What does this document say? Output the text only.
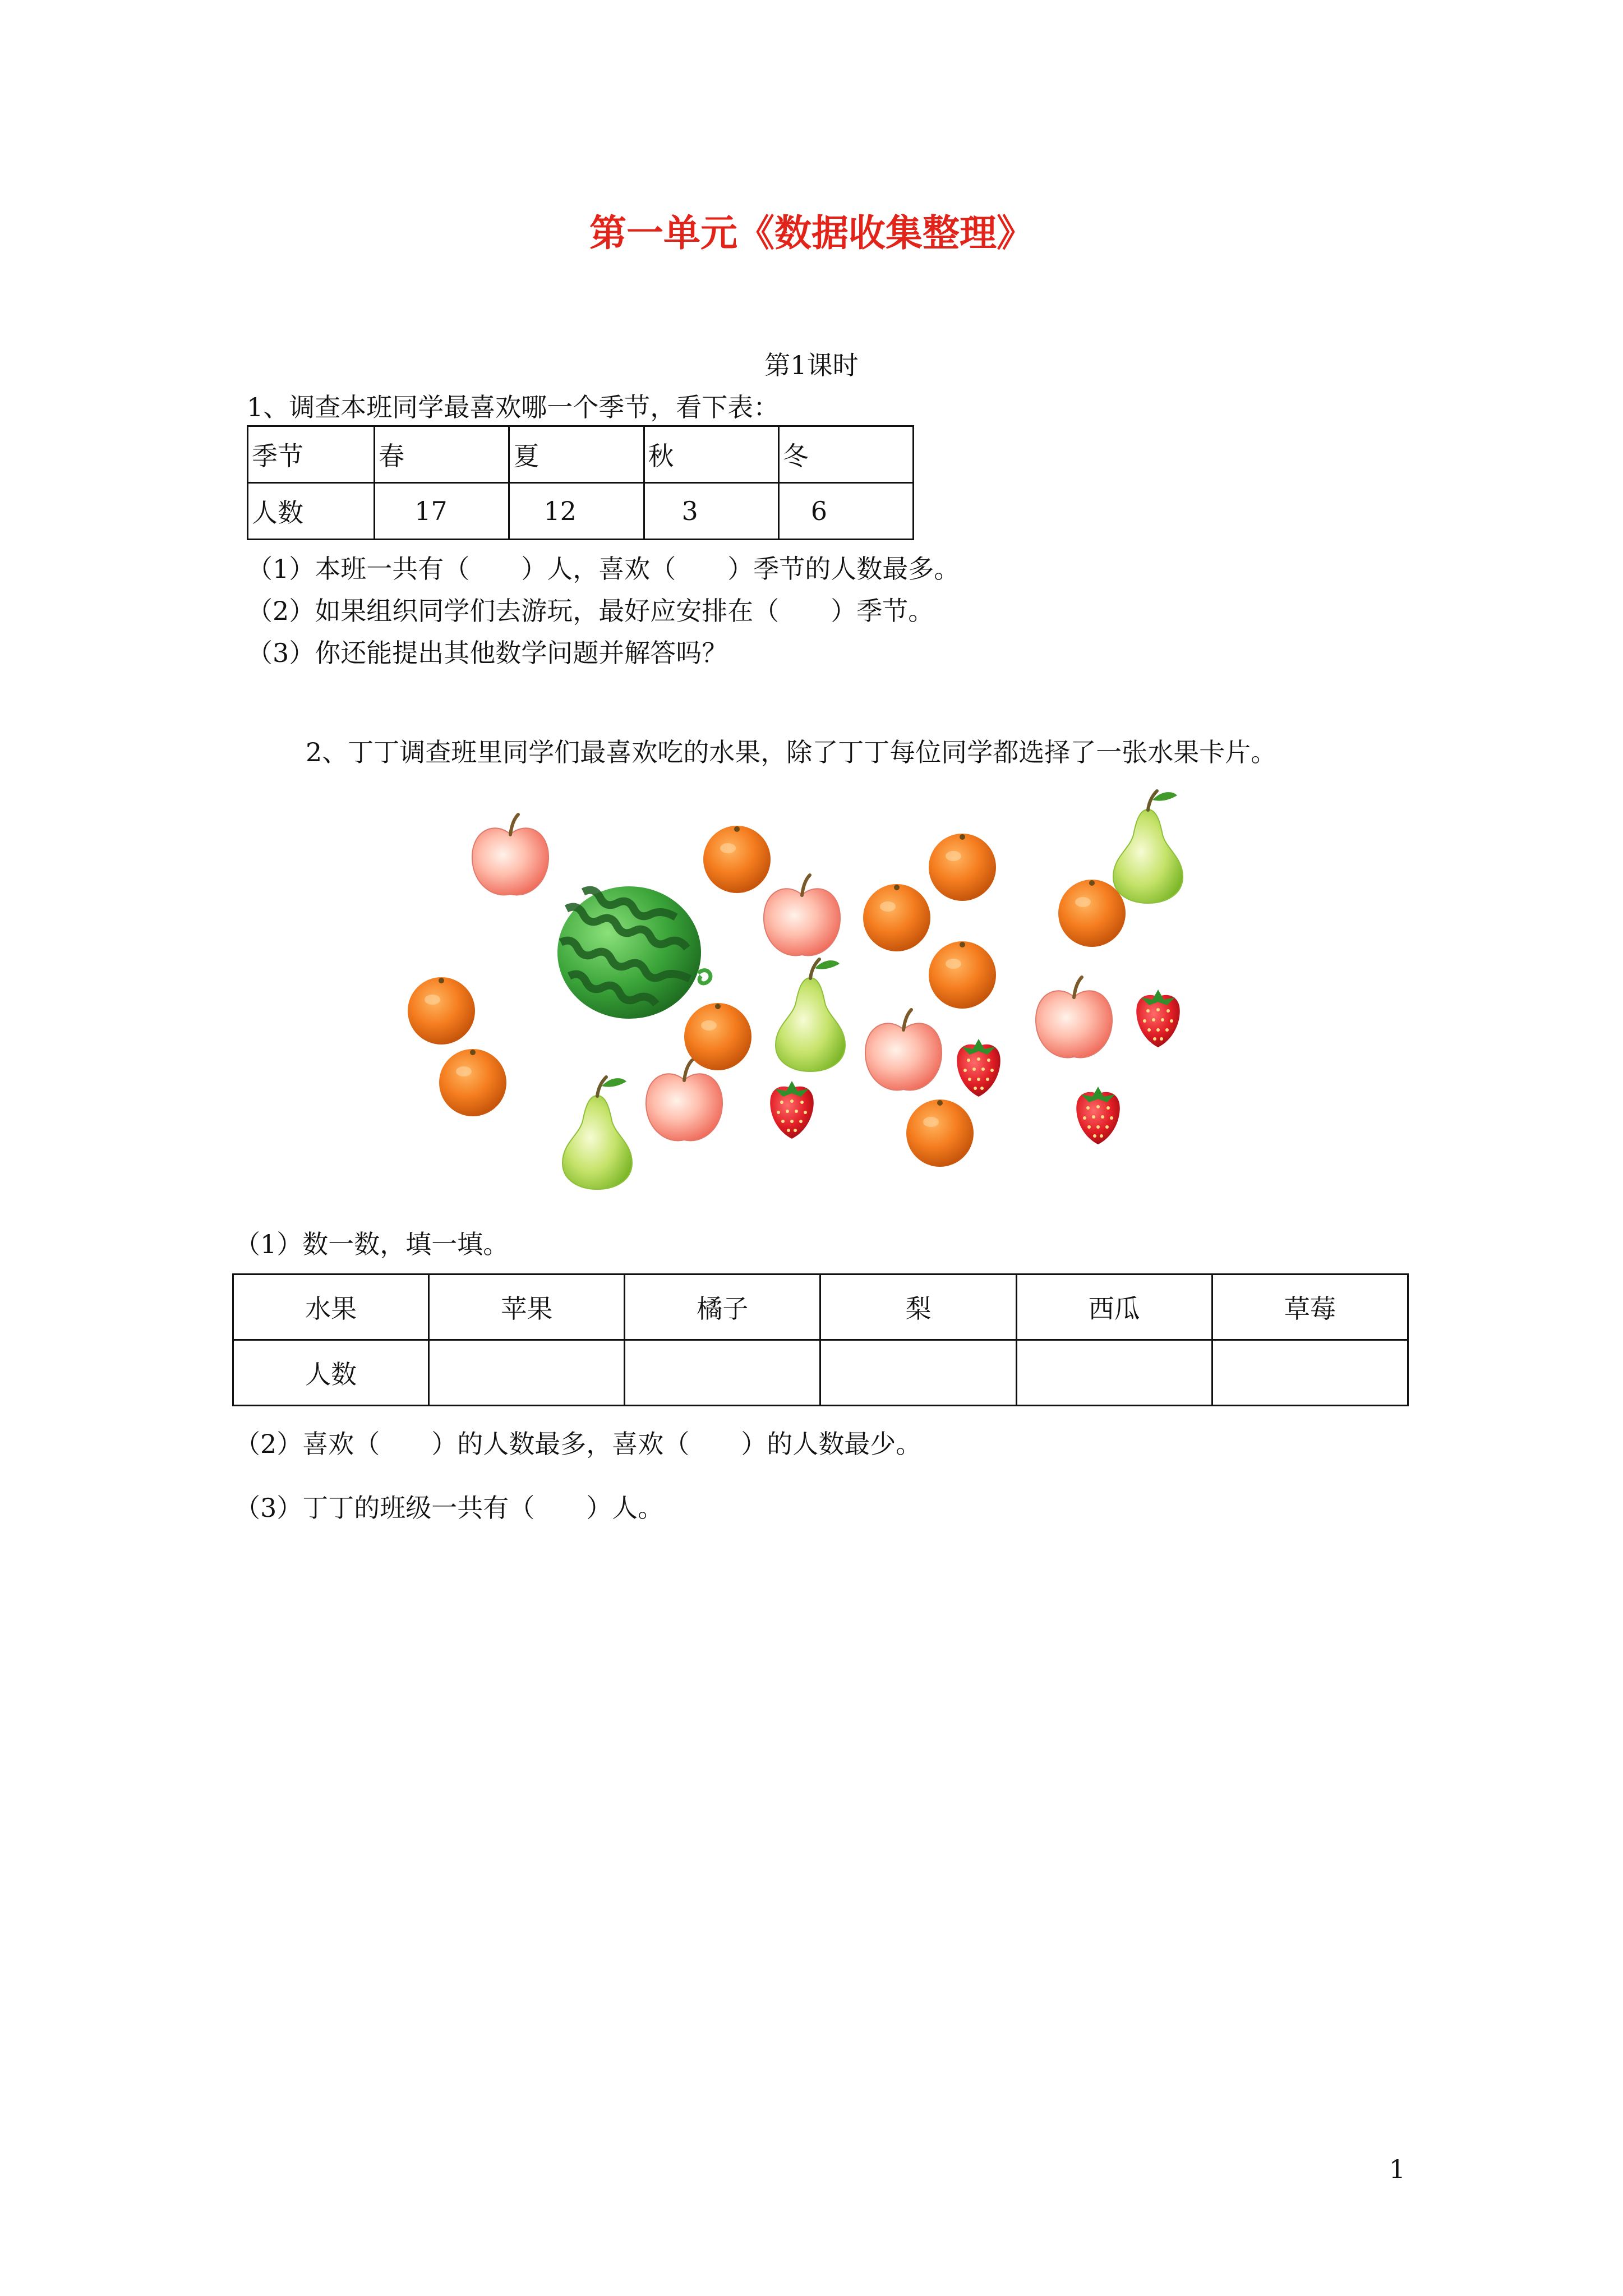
第一单元《数据收集整理》
第1课时
1、调查本班同学最喜欢哪一个季节，看下表：
季节	春	夏	秋	冬
人数	17	12	3	6
（1）本班一共有（　　）人，喜欢（　　）季节的人数最多。
（2）如果组织同学们去游玩，最好应安排在（　　）季节。
（3）你还能提出其他数学问题并解答吗？
2、丁丁调查班里同学们最喜欢吃的水果，除了丁丁每位同学都选择了一张水果卡片。
（1）数一数，填一填。
水果	苹果	橘子	梨	西瓜	草莓
人数					
（2）喜欢（　　）的人数最多，喜欢（　　）的人数最少。
（3）丁丁的班级一共有（　　）人。
1
